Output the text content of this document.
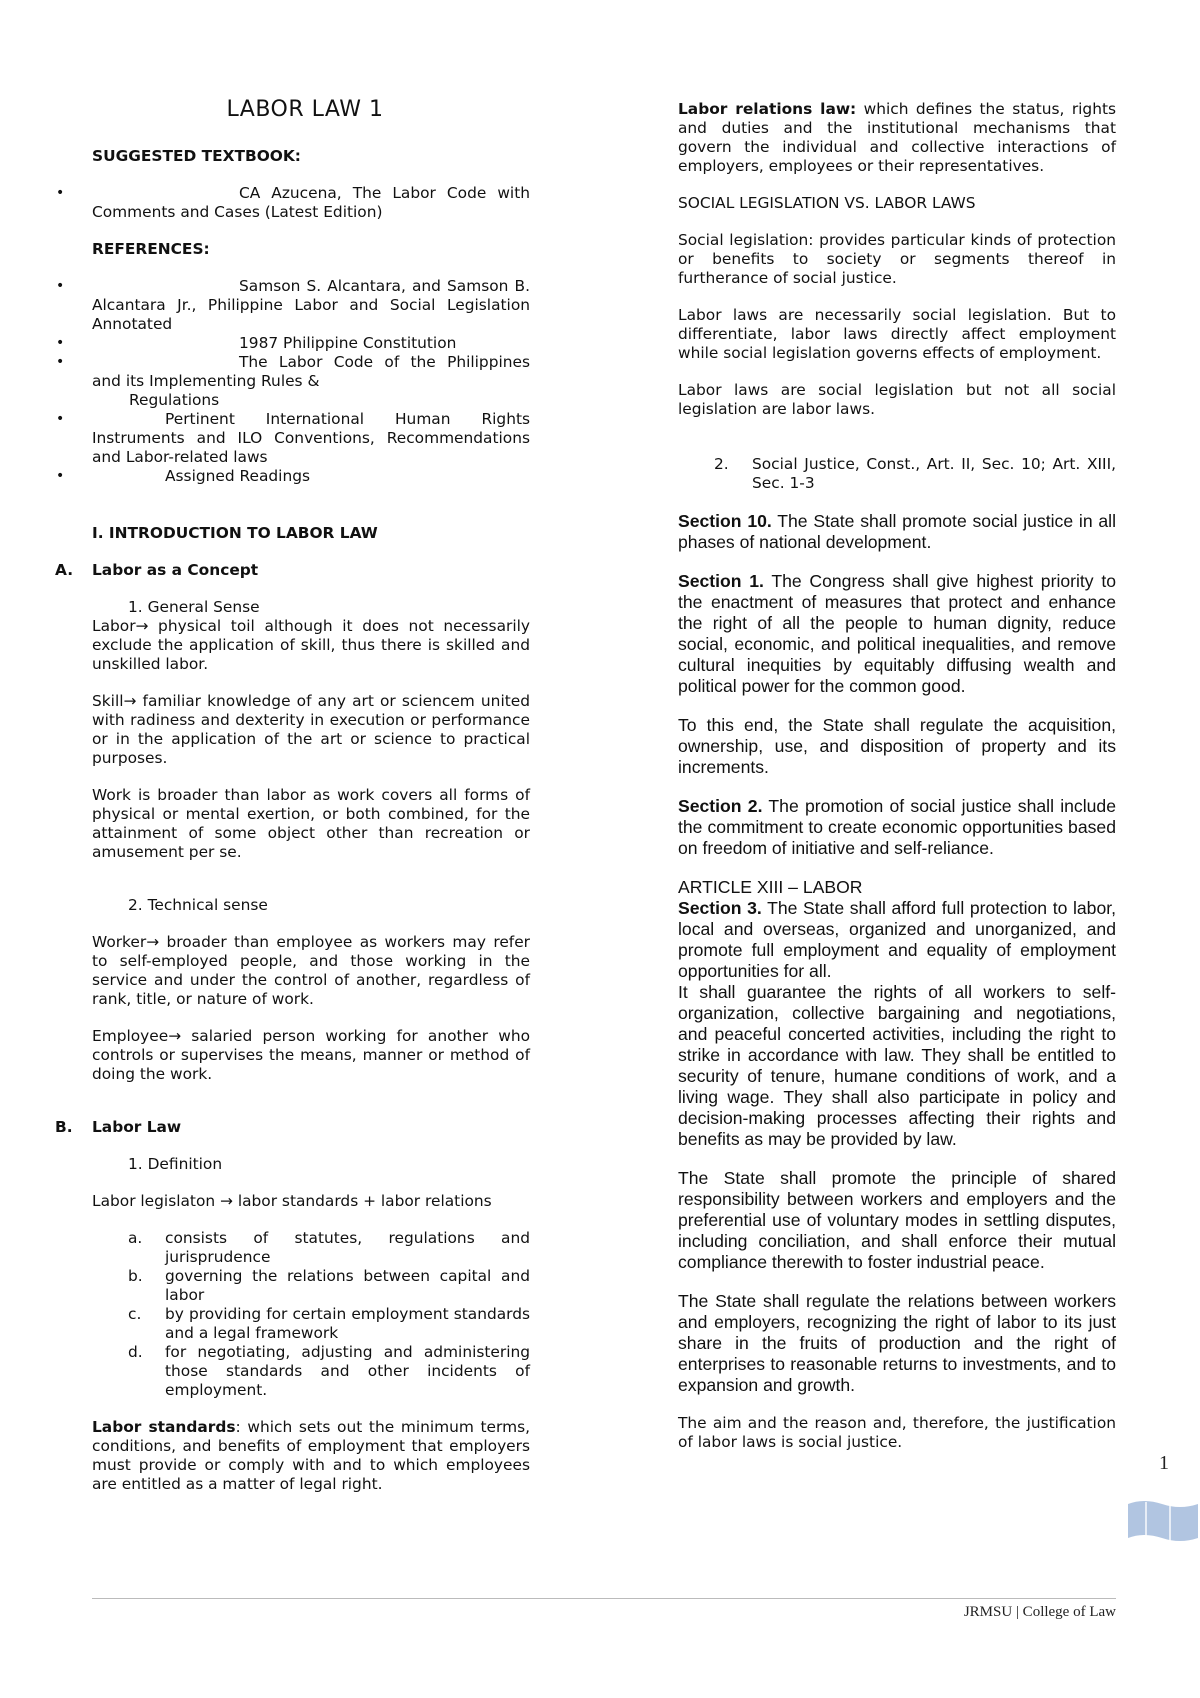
LABOR LAW 1

SUGGESTED TEXTBOOK:

• CA Azucena, The Labor Code with Comments and Cases (Latest Edition)

REFERENCES:

• Samson S. Alcantara, and Samson B. Alcantara Jr., Philippine Labor and Social Legislation Annotated
• 1987 Philippine Constitution
• The Labor Code of the Philippines and its Implementing Rules &
Regulations
• Pertinent International Human Rights Instruments and ILO Conventions, Recommendations and Labor-related laws
• Assigned Readings

I. INTRODUCTION TO LABOR LAW

A. Labor as a Concept

1. General Sense

Labor→ physical toil although it does not necessarily exclude the application of skill, thus there is skilled and unskilled labor.

Skill→ familiar knowledge of any art or sciencem united with radiness and dexterity in execution or performance or in the application of the art or science to practical purposes.

Work is broader than labor as work covers all forms of physical or mental exertion, or both combined, for the attainment of some object other than recreation or amusement per se.

2. Technical sense

Worker→ broader than employee as workers may refer to self-employed people, and those working in the service and under the control of another, regardless of rank, title, or nature of work.

Employee→ salaried person working for another who controls or supervises the means, manner or method of doing the work.

B. Labor Law

1. Definition

Labor legislaton → labor standards + labor relations

a. consists of statutes, regulations and jurisprudence
b. governing the relations between capital and labor
c. by providing for certain employment standards and a legal framework
d. for negotiating, adjusting and administering those standards and other incidents of employment.

Labor standards: which sets out the minimum terms, conditions, and benefits of employment that employers must provide or comply with and to which employees are entitled as a matter of legal right.

Labor relations law: which defines the status, rights and duties and the institutional mechanisms that govern the individual and collective interactions of employers, employees or their representatives.

SOCIAL LEGISLATION VS. LABOR LAWS

Social legislation: provides particular kinds of protection or benefits to society or segments thereof in furtherance of social justice.

Labor laws are necessarily social legislation. But to differentiate, labor laws directly affect employment while social legislation governs effects of employment.

Labor laws are social legislation but not all social legislation are labor laws.

2. Social Justice, Const., Art. II, Sec. 10; Art. XIII, Sec. 1-3

Section 10. The State shall promote social justice in all phases of national development.

Section 1. The Congress shall give highest priority to the enactment of measures that protect and enhance the right of all the people to human dignity, reduce social, economic, and political inequalities, and remove cultural inequities by equitably diffusing wealth and political power for the common good.

To this end, the State shall regulate the acquisition, ownership, use, and disposition of property and its increments.

Section 2. The promotion of social justice shall include the commitment to create economic opportunities based on freedom of initiative and self-reliance.

ARTICLE XIII – LABOR

Section 3. The State shall afford full protection to labor, local and overseas, organized and unorganized, and promote full employment and equality of employment opportunities for all.

It shall guarantee the rights of all workers to self-organization, collective bargaining and negotiations, and peaceful concerted activities, including the right to strike in accordance with law. They shall be entitled to security of tenure, humane conditions of work, and a living wage. They shall also participate in policy and decision-making processes affecting their rights and benefits as may be provided by law.

The State shall promote the principle of shared responsibility between workers and employers and the preferential use of voluntary modes in settling disputes, including conciliation, and shall enforce their mutual compliance therewith to foster industrial peace.

The State shall regulate the relations between workers and employers, recognizing the right of labor to its just share in the fruits of production and the right of enterprises to reasonable returns to investments, and to expansion and growth.

The aim and the reason and, therefore, the justification of labor laws is social justice.

1
JRMSU | College of Law
